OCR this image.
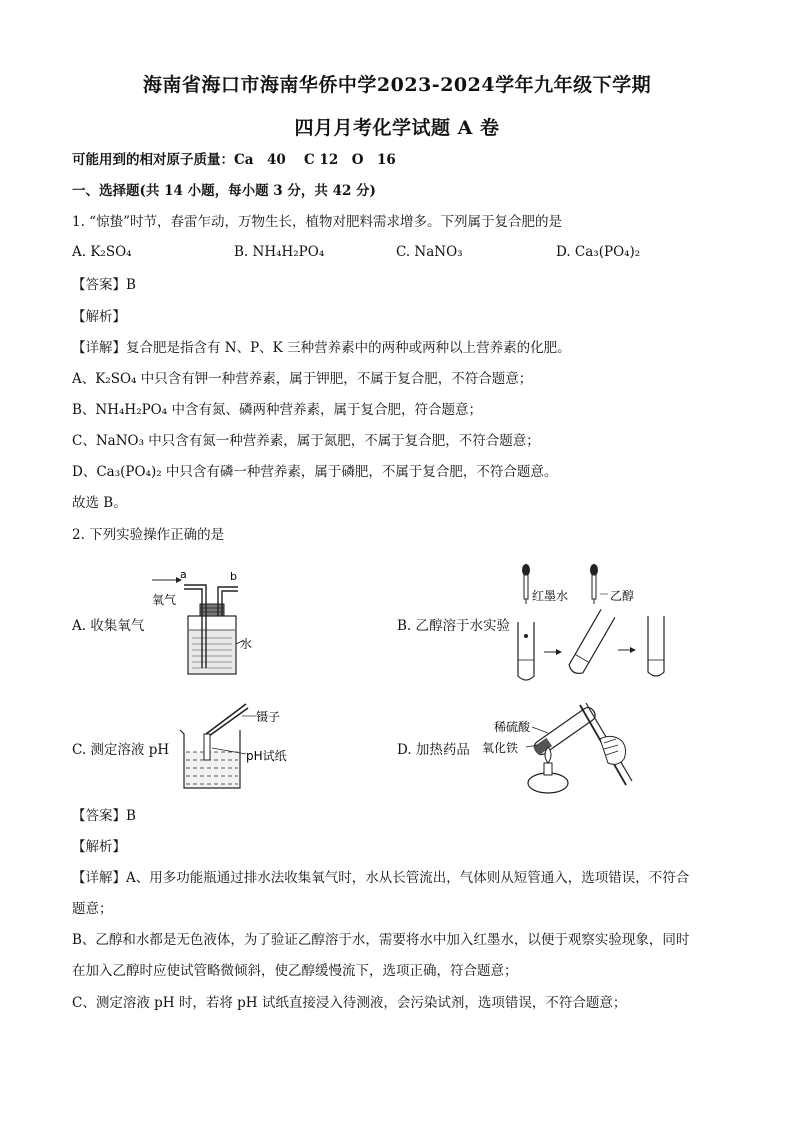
海南省海口市海南华侨中学2023-2024学年九年级下学期
四月月考化学试题 A 卷
可能用到的相对原子质量：Ca　40　 C 12　O　16
一、选择题(共 14 小题，每小题 3 分，共 42 分)
1. “惊蛰”时节，春雷乍动，万物生长，植物对肥料需求增多。下列属于复合肥的是
A. K₂SO₄	B. NH₄H₂PO₄	C. NaNO₃	D. Ca₃(PO₄)₂
【答案】B
【解析】
【详解】复合肥是指含有 N、P、K 三种营养素中的两种或两种以上营养素的化肥。
A、K₂SO₄ 中只含有钾一种营养素，属于钾肥，不属于复合肥，不符合题意；
B、NH₄H₂PO₄ 中含有氮、磷两种营养素，属于复合肥，符合题意；
C、NaNO₃ 中只含有氮一种营养素，属于氮肥，不属于复合肥，不符合题意；
D、Ca₃(PO₄)₂ 中只含有磷一种营养素，属于磷肥，不属于复合肥，不符合题意。
故选 B。
2. 下列实验操作正确的是
A. 收集氧气
a	b
氧气
水
B. 乙醇溶于水实验
红墨水	乙醇
C. 测定溶液 pH
镊子
pH试纸	D. 加热药品
稀硫酸
氧化铁
【答案】B
【解析】
【详解】A、用多功能瓶通过排水法收集氧气时，水从长管流出，气体则从短管通入，选项错误，不符合
题意；
B、乙醇和水都是无色液体，为了验证乙醇溶于水，需要将水中加入红墨水，以便于观察实验现象，同时
在加入乙醇时应使试管略微倾斜，使乙醇缓慢流下，选项正确，符合题意；
C、测定溶液 pH 时，若将 pH 试纸直接浸入待测液，会污染试剂，选项错误，不符合题意；
